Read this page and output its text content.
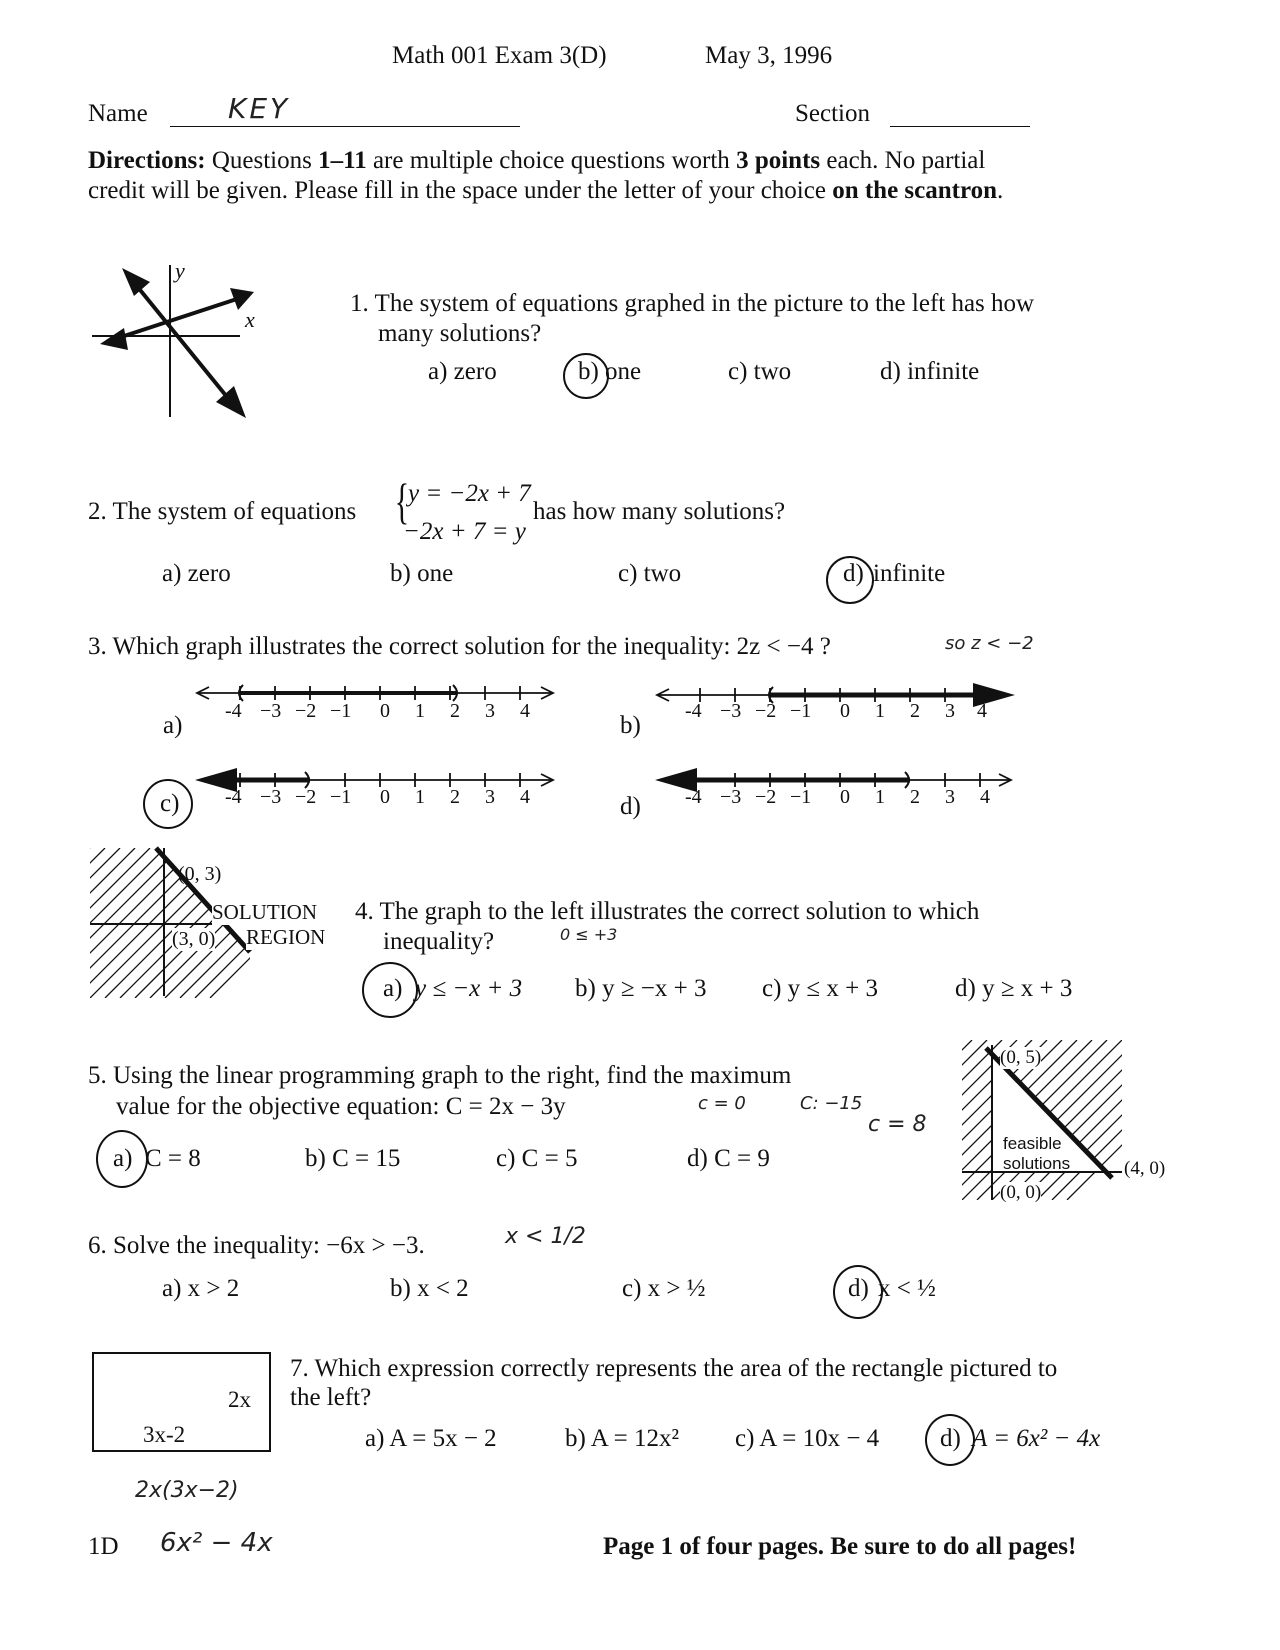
Math 001 Exam 3(D)	May 3, 1996
Name	KEY	Section
Directions: Questions 1–11 are multiple choice questions worth 3 points each. No partial
credit will be given. Please fill in the space under the letter of your choice on the scantron.
y
x
1. The system of equations graphed in the picture to the left has how
many solutions?
a) zero	b) one	c) two	d) infinite
2. The system of equations {
y = −2x + 7
−2x + 7 = y
has how many solutions?
a) zero	b) one	c) two	d) infinite
3. Which graph illustrates the correct solution for the inequality: 2z < −4 ?	so z < −2
a)	b)
c)	d)
-4 −3 −2 −1 0 1 2 3 4	-4 −3 −2 −1 0 1 2 3 4
-4 −3 −2 −1 0 1 2 3 4	-4 −3 −2 −1 0 1 2 3 4
(0, 3)
(3, 0)
SOLUTION
REGION
4. The graph to the left illustrates the correct solution to which
inequality?	0 ≤ +3
a) y ≤ −x + 3 b) y ≥ −x + 3 c) y ≤ x + 3	d) y ≥ x + 3
5. Using the linear programming graph to the right, find the maximum
value for the objective equation: C = 2x − 3y	c = 0	C: −15
c = 8
(0, 5)
feasible
solutions	(4, 0)
(0, 0)
a) C = 8	b) C = 15	c) C = 5	d) C = 9
6. Solve the inequality: −6x > −3.	x < 1/2
a) x > 2	b) x < 2	c) x > ½	d) x < ½
2x
3x-2
7. Which expression correctly represents the area of the rectangle pictured to
the left?
a) A = 5x − 2	b) A = 12x² c) A = 10x − 4 d) A = 6x² − 4x
2x(3x−2)
1D 6x² − 4x	Page 1 of four pages. Be sure to do all pages!
